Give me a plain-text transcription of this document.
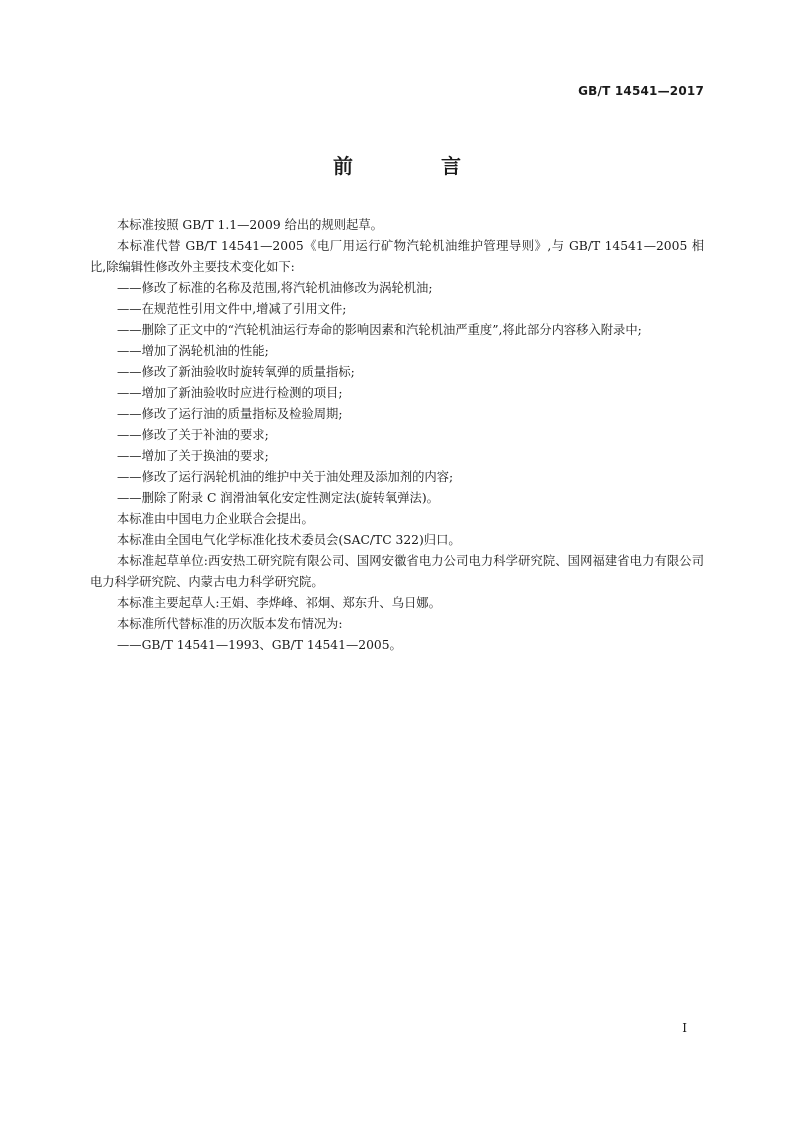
GB/T 14541—2017
前　言

本标准按照 GB/T 1.1—2009 给出的规则起草。

本标准代替 GB/T 14541—2005《电厂用运行矿物汽轮机油维护管理导则》,与 GB/T 14541—2005 相比,除编辑性修改外主要技术变化如下:

——修改了标准的名称及范围,将汽轮机油修改为涡轮机油;

——在规范性引用文件中,增减了引用文件;

——删除了正文中的“汽轮机油运行寿命的影响因素和汽轮机油严重度”,将此部分内容移入附录中;

——增加了涡轮机油的性能;

——修改了新油验收时旋转氧弹的质量指标;

——增加了新油验收时应进行检测的项目;

——修改了运行油的质量指标及检验周期;

——修改了关于补油的要求;

——增加了关于换油的要求;

——修改了运行涡轮机油的维护中关于油处理及添加剂的内容;

——删除了附录 C 润滑油氧化安定性测定法(旋转氧弹法)。

本标准由中国电力企业联合会提出。

本标准由全国电气化学标准化技术委员会(SAC/TC 322)归口。

本标准起草单位:西安热工研究院有限公司、国网安徽省电力公司电力科学研究院、国网福建省电力有限公司电力科学研究院、内蒙古电力科学研究院。

本标准主要起草人:王娟、李烨峰、祁炯、郑东升、乌日娜。

本标准所代替标准的历次版本发布情况为:

——GB/T 14541—1993、GB/T 14541—2005。

I
